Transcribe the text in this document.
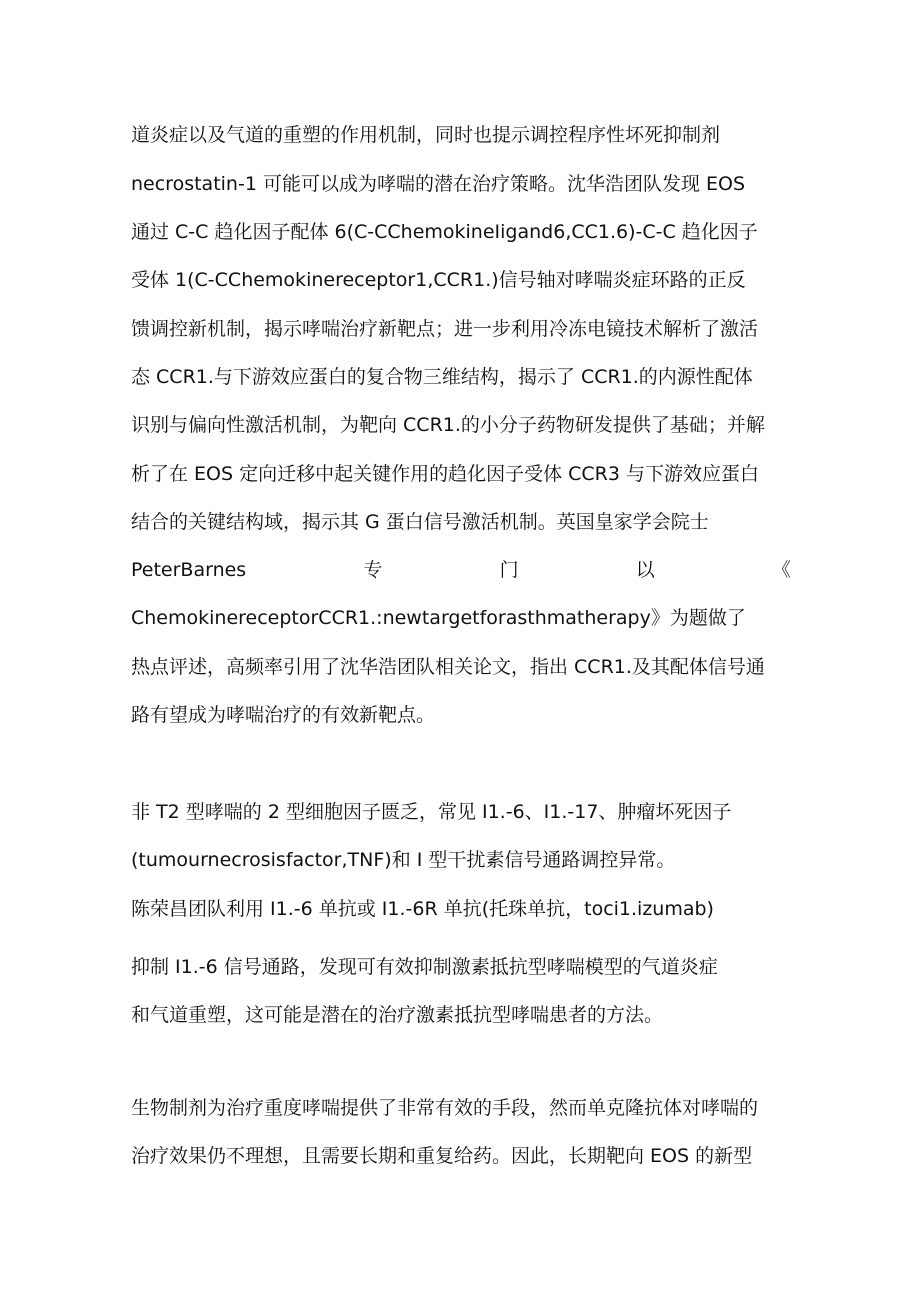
道炎症以及气道的重塑的作用机制，同时也提示调控程序性坏死抑制剂
necrostatin-1 可能可以成为哮喘的潜在治疗策略。沈华浩团队发现 EOS
通过 C-C 趋化因子配体 6(C-CChemokineIigand6,CC1.6)-C-C 趋化因子
受体 1(C-CChemokinereceptor1,CCR1.)信号轴对哮喘炎症环路的正反
馈调控新机制，揭示哮喘治疗新靶点；进一步利用冷冻电镜技术解析了激活
态 CCR1.与下游效应蛋白的复合物三维结构，揭示了 CCR1.的内源性配体
识别与偏向性激活机制，为靶向 CCR1.的小分子药物研发提供了基础；并解
析了在 EOS 定向迁移中起关键作用的趋化因子受体 CCR3 与下游效应蛋白
结合的关键结构域，揭示其 G 蛋白信号激活机制。英国皇家学会院士
PeterBarnes	专	门	以	《
ChemokinereceptorCCR1.:newtargetforasthmatherapy》为题做了
热点评述，高频率引用了沈华浩团队相关论文，指出 CCR1.及其配体信号通
路有望成为哮喘治疗的有效新靶点。
非 T2 型哮喘的 2 型细胞因子匮乏，常见 I1.-6、I1.-17、肿瘤坏死因子
(tumournecrosisfactor,TNF)和 I 型干扰素信号通路调控异常。
陈荣昌团队利用 I1.-6 单抗或 I1.-6R 单抗(托珠单抗，toci1.izumab)
抑制 I1.-6 信号通路，发现可有效抑制激素抵抗型哮喘模型的气道炎症
和气道重塑，这可能是潜在的治疗激素抵抗型哮喘患者的方法。
生物制剂为治疗重度哮喘提供了非常有效的手段，然而单克隆抗体对哮喘的
治疗效果仍不理想，且需要长期和重复给药。因此，长期靶向 EOS 的新型
